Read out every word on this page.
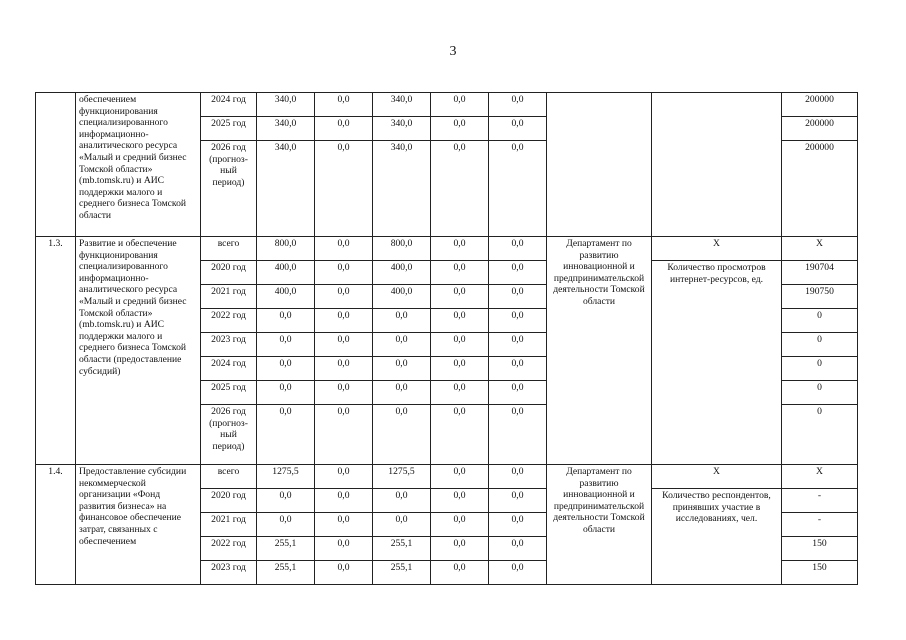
3
	обеспечением функционирования специализированного информационно-аналитического ресурса «Малый и средний бизнес Томской области» (mb.tomsk.ru) и АИС поддержки малого и среднего бизнеса Томской области	2024 год	340,0	0,0	340,0	0,0	0,0			200000
		2025 год	340,0	0,0	340,0	0,0	0,0			200000
		2026 год (прогноз-ный период)	340,0	0,0	340,0	0,0	0,0			200000
1.3.	Развитие и обеспечение функционирования специализированного информационно-аналитического ресурса «Малый и средний бизнес Томской области» (mb.tomsk.ru) и АИС поддержки малого и среднего бизнеса Томской области (предоставление субсидий)	всего	800,0	0,0	800,0	0,0	0,0	Департамент по развитию инновационной и предпринимательской деятельности Томской области	X	X
		2020 год	400,0	0,0	400,0	0,0	0,0		Количество просмотров интернет-ресурсов, ед.	190704
		2021 год	400,0	0,0	400,0	0,0	0,0			190750
		2022 год	0,0	0,0	0,0	0,0	0,0			0
		2023 год	0,0	0,0	0,0	0,0	0,0			0
		2024 год	0,0	0,0	0,0	0,0	0,0			0
		2025 год	0,0	0,0	0,0	0,0	0,0			0
		2026 год (прогноз-ный период)	0,0	0,0	0,0	0,0	0,0			0
1.4.	Предоставление субсидии некоммерческой организации «Фонд развития бизнеса» на финансовое обеспечение затрат, связанных с обеспечением	всего	1275,5	0,0	1275,5	0,0	0,0	Департамент по развитию инновационной и предпринимательской деятельности Томской области	X	X
		2020 год	0,0	0,0	0,0	0,0	0,0		Количество респондентов, принявших участие в исследованиях, чел.	-
		2021 год	0,0	0,0	0,0	0,0	0,0			-
		2022 год	255,1	0,0	255,1	0,0	0,0			150
		2023 год	255,1	0,0	255,1	0,0	0,0			150
